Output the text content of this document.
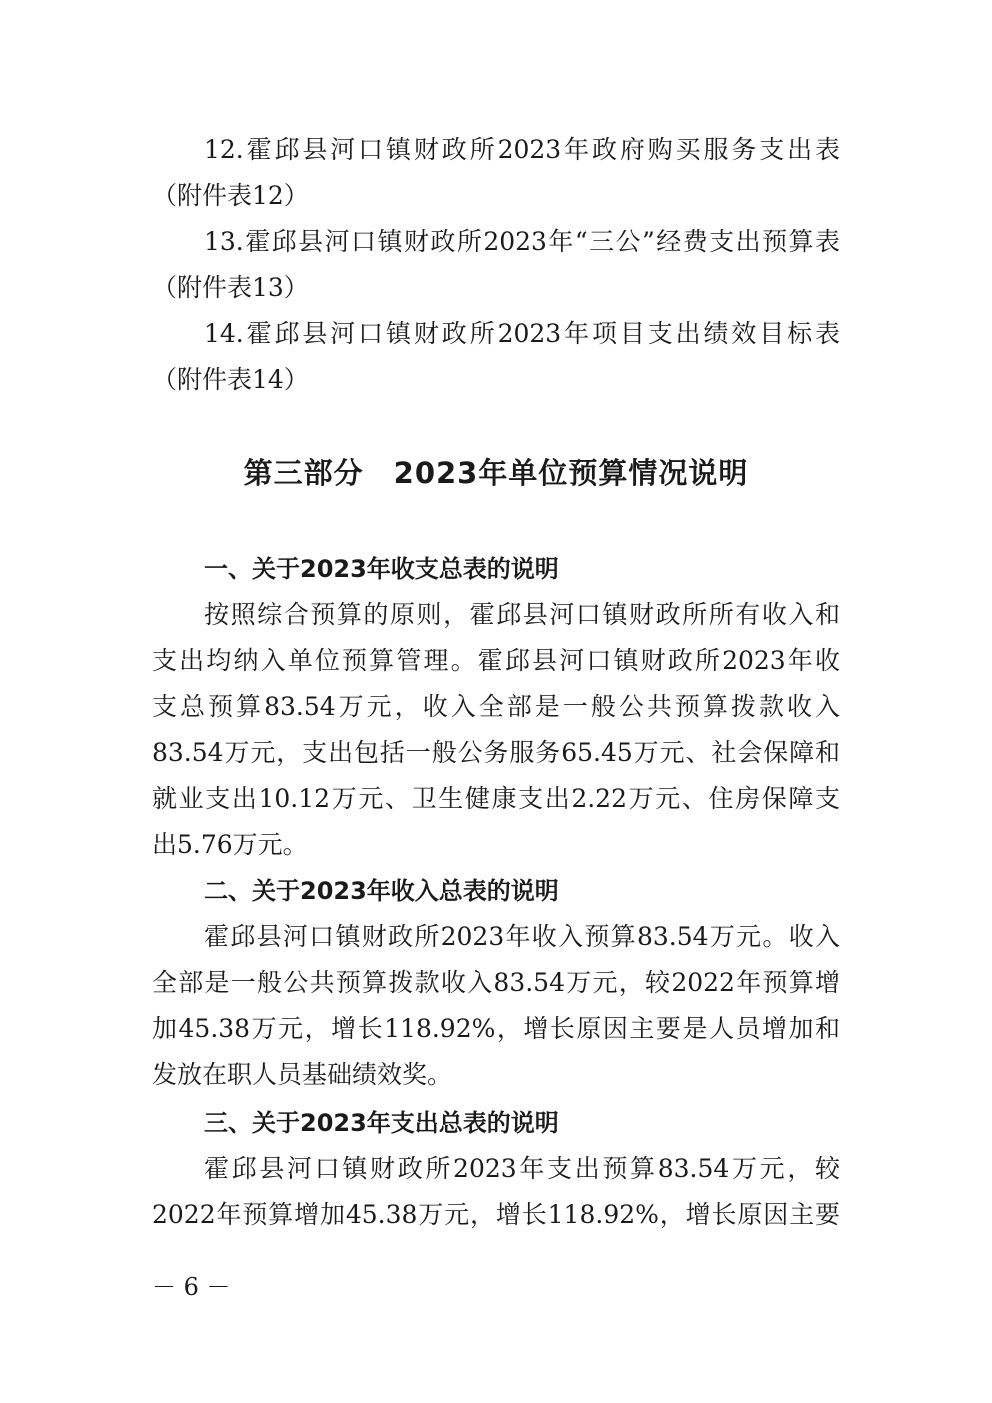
12.霍邱县河口镇财政所2023年政府购买服务支出表

（附件表12）

13.霍邱县河口镇财政所2023年“三公”经费支出预算表

（附件表13）

14.霍邱县河口镇财政所2023年项目支出绩效目标表

（附件表14）

第三部分　2023年单位预算情况说明
一、关于2023年收支总表的说明

按照综合预算的原则，霍邱县河口镇财政所所有收入和

支出均纳入单位预算管理。霍邱县河口镇财政所2023年收

支总预算83.54万元，收入全部是一般公共预算拨款收入

83.54万元，支出包括一般公务服务65.45万元、社会保障和

就业支出10.12万元、卫生健康支出2.22万元、住房保障支

出5.76万元。

二、关于2023年收入总表的说明

霍邱县河口镇财政所2023年收入预算83.54万元。收入

全部是一般公共预算拨款收入83.54万元，较2022年预算增

加45.38万元，增长118.92%，增长原因主要是人员增加和

发放在职人员基础绩效奖。

三、关于2023年支出总表的说明

霍邱县河口镇财政所2023年支出预算83.54万元，较

2022年预算增加45.38万元，增长118.92%，增长原因主要

－ 6 －
